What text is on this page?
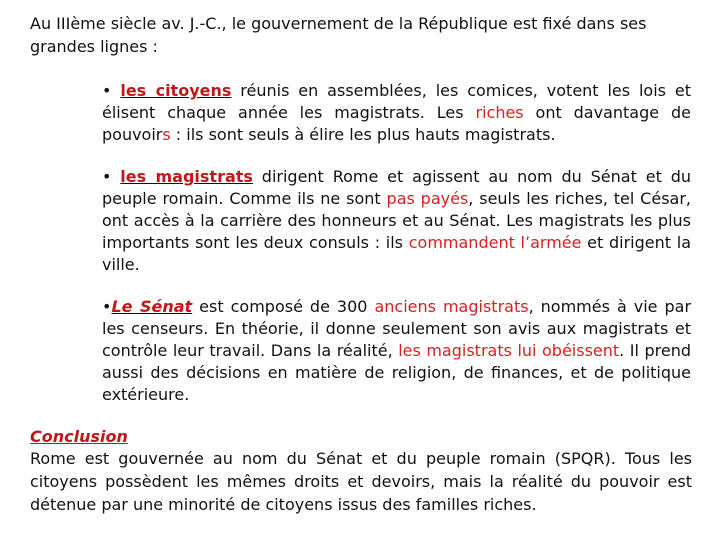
Au IIIème siècle av. J.-C., le gouvernement de la République est fixé dans ses grandes lignes :

• les citoyens réunis en assemblées, les comices, votent les lois et élisent chaque année les magistrats. Les riches ont davantage de pouvoirs : ils sont seuls à élire les plus hauts magistrats.

• les magistrats dirigent Rome et agissent au nom du Sénat et du peuple romain. Comme ils ne sont pas payés, seuls les riches, tel César, ont accès à la carrière des honneurs et au Sénat. Les magistrats les plus importants sont les deux consuls : ils commandent l’armée et dirigent la ville.

•Le Sénat est composé de 300 anciens magistrats, nommés à vie par les censeurs. En théorie, il donne seulement son avis aux magistrats et contrôle leur travail. Dans la réalité, les magistrats lui obéissent. Il prend aussi des décisions en matière de religion, de finances, et de politique extérieure.

Conclusion

Rome est gouvernée au nom du Sénat et du peuple romain (SPQR). Tous les citoyens possèdent les mêmes droits et devoirs, mais la réalité du pouvoir est détenue par une minorité de citoyens issus des familles riches.
